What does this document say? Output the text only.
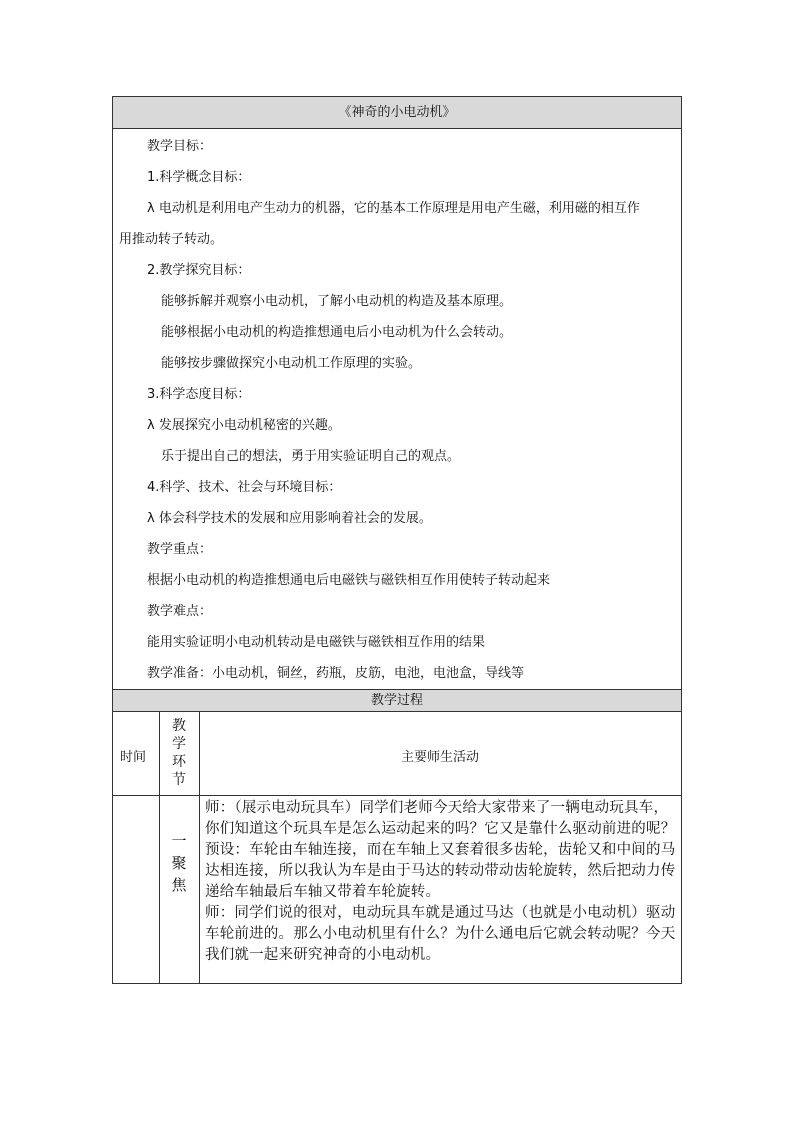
《神奇的小电动机》
教学目标：
1.科学概念目标：
λ 电动机是利用电产生动力的机器，它的基本工作原理是用电产生磁，利用磁的相互作
用推动转子转动。
2.教学探究目标：
能够拆解并观察小电动机，了解小电动机的构造及基本原理。
能够根据小电动机的构造推想通电后小电动机为什么会转动。
能够按步骤做探究小电动机工作原理的实验。
3.科学态度目标：
λ 发展探究小电动机秘密的兴趣。
乐于提出自己的想法，勇于用实验证明自己的观点。
4.科学、技术、社会与环境目标：
λ 体会科学技术的发展和应用影响着社会的发展。
教学重点：
根据小电动机的构造推想通电后电磁铁与磁铁相互作用使转子转动起来
教学难点：
能用实验证明小电动机转动是电磁铁与磁铁相互作用的结果
教学准备：小电动机，铜丝，药瓶，皮筋，电池，电池盒，导线等
教学过程
时间
教
学
环
节
主要师生活动
一
聚
焦

师：（展示电动玩具车）同学们老师今天给大家带来了一辆电动玩具车，你们知道这个玩具车是怎么运动起来的吗？它又是靠什么驱动前进的呢？

预设：车轮由车轴连接，而在车轴上又套着很多齿轮，齿轮又和中间的马达相连接，所以我认为车是由于马达的转动带动齿轮旋转，然后把动力传递给车轴最后车轴又带着车轮旋转。

师：同学们说的很对，电动玩具车就是通过马达（也就是小电动机）驱动车轮前进的。那么小电动机里有什么？为什么通电后它就会转动呢？今天我们就一起来研究神奇的小电动机。
